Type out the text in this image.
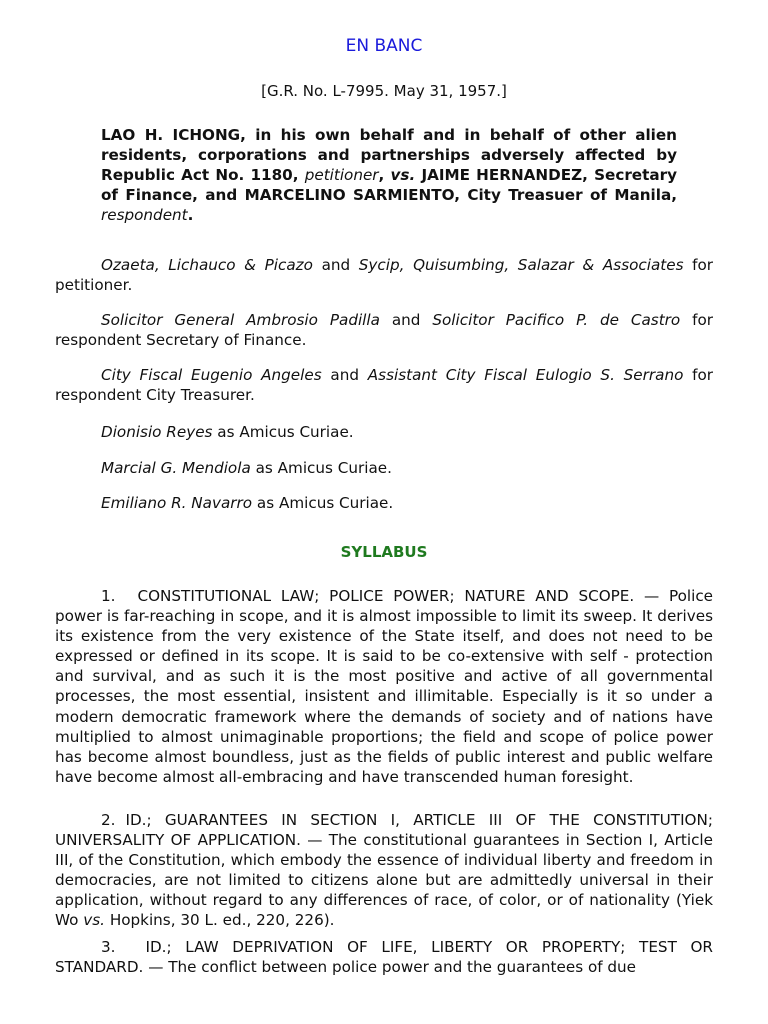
EN BANC
[G.R. No. L-7995. May 31, 1957.]
LAO H. ICHONG, in his own behalf and in behalf of other alien residents, corporations and partnerships adversely affected by Republic Act No. 1180, petitioner, vs. JAIME HERNANDEZ, Secretary of Finance, and MARCELINO SARMIENTO, City Treasuer of Manila, respondent.
Ozaeta, Lichauco & Picazo and Sycip, Quisumbing, Salazar & Associates for petitioner.
Solicitor General Ambrosio Padilla and Solicitor Pacifico P. de Castro for respondent Secretary of Finance.
City Fiscal Eugenio Angeles and Assistant City Fiscal Eulogio S. Serrano for respondent City Treasurer.
Dionisio Reyes as Amicus Curiae.
Marcial G. Mendiola as Amicus Curiae.
Emiliano R. Navarro as Amicus Curiae.
SYLLABUS
1. CONSTITUTIONAL LAW; POLICE POWER; NATURE AND SCOPE. — Police power is far-reaching in scope, and it is almost impossible to limit its sweep. It derives its existence from the very existence of the State itself, and does not need to be expressed or defined in its scope. It is said to be co-extensive with self - protection and survival, and as such it is the most positive and active of all governmental processes, the most essential, insistent and illimitable. Especially is it so under a modern democratic framework where the demands of society and of nations have multiplied to almost unimaginable proportions; the field and scope of police power has become almost boundless, just as the fields of public interest and public welfare have become almost all-embracing and have transcended human foresight.
2. ID.; GUARANTEES IN SECTION I, ARTICLE III OF THE CONSTITUTION; UNIVERSALITY OF APPLICATION. — The constitutional guarantees in Section I, Article III, of the Constitution, which embody the essence of individual liberty and freedom in democracies, are not limited to citizens alone but are admittedly universal in their application, without regard to any differences of race, of color, or of nationality (Yiek Wo vs. Hopkins, 30 L. ed., 220, 226).
3. ID.; LAW DEPRIVATION OF LIFE, LIBERTY OR PROPERTY; TEST OR STANDARD. — The conflict between police power and the guarantees of due
